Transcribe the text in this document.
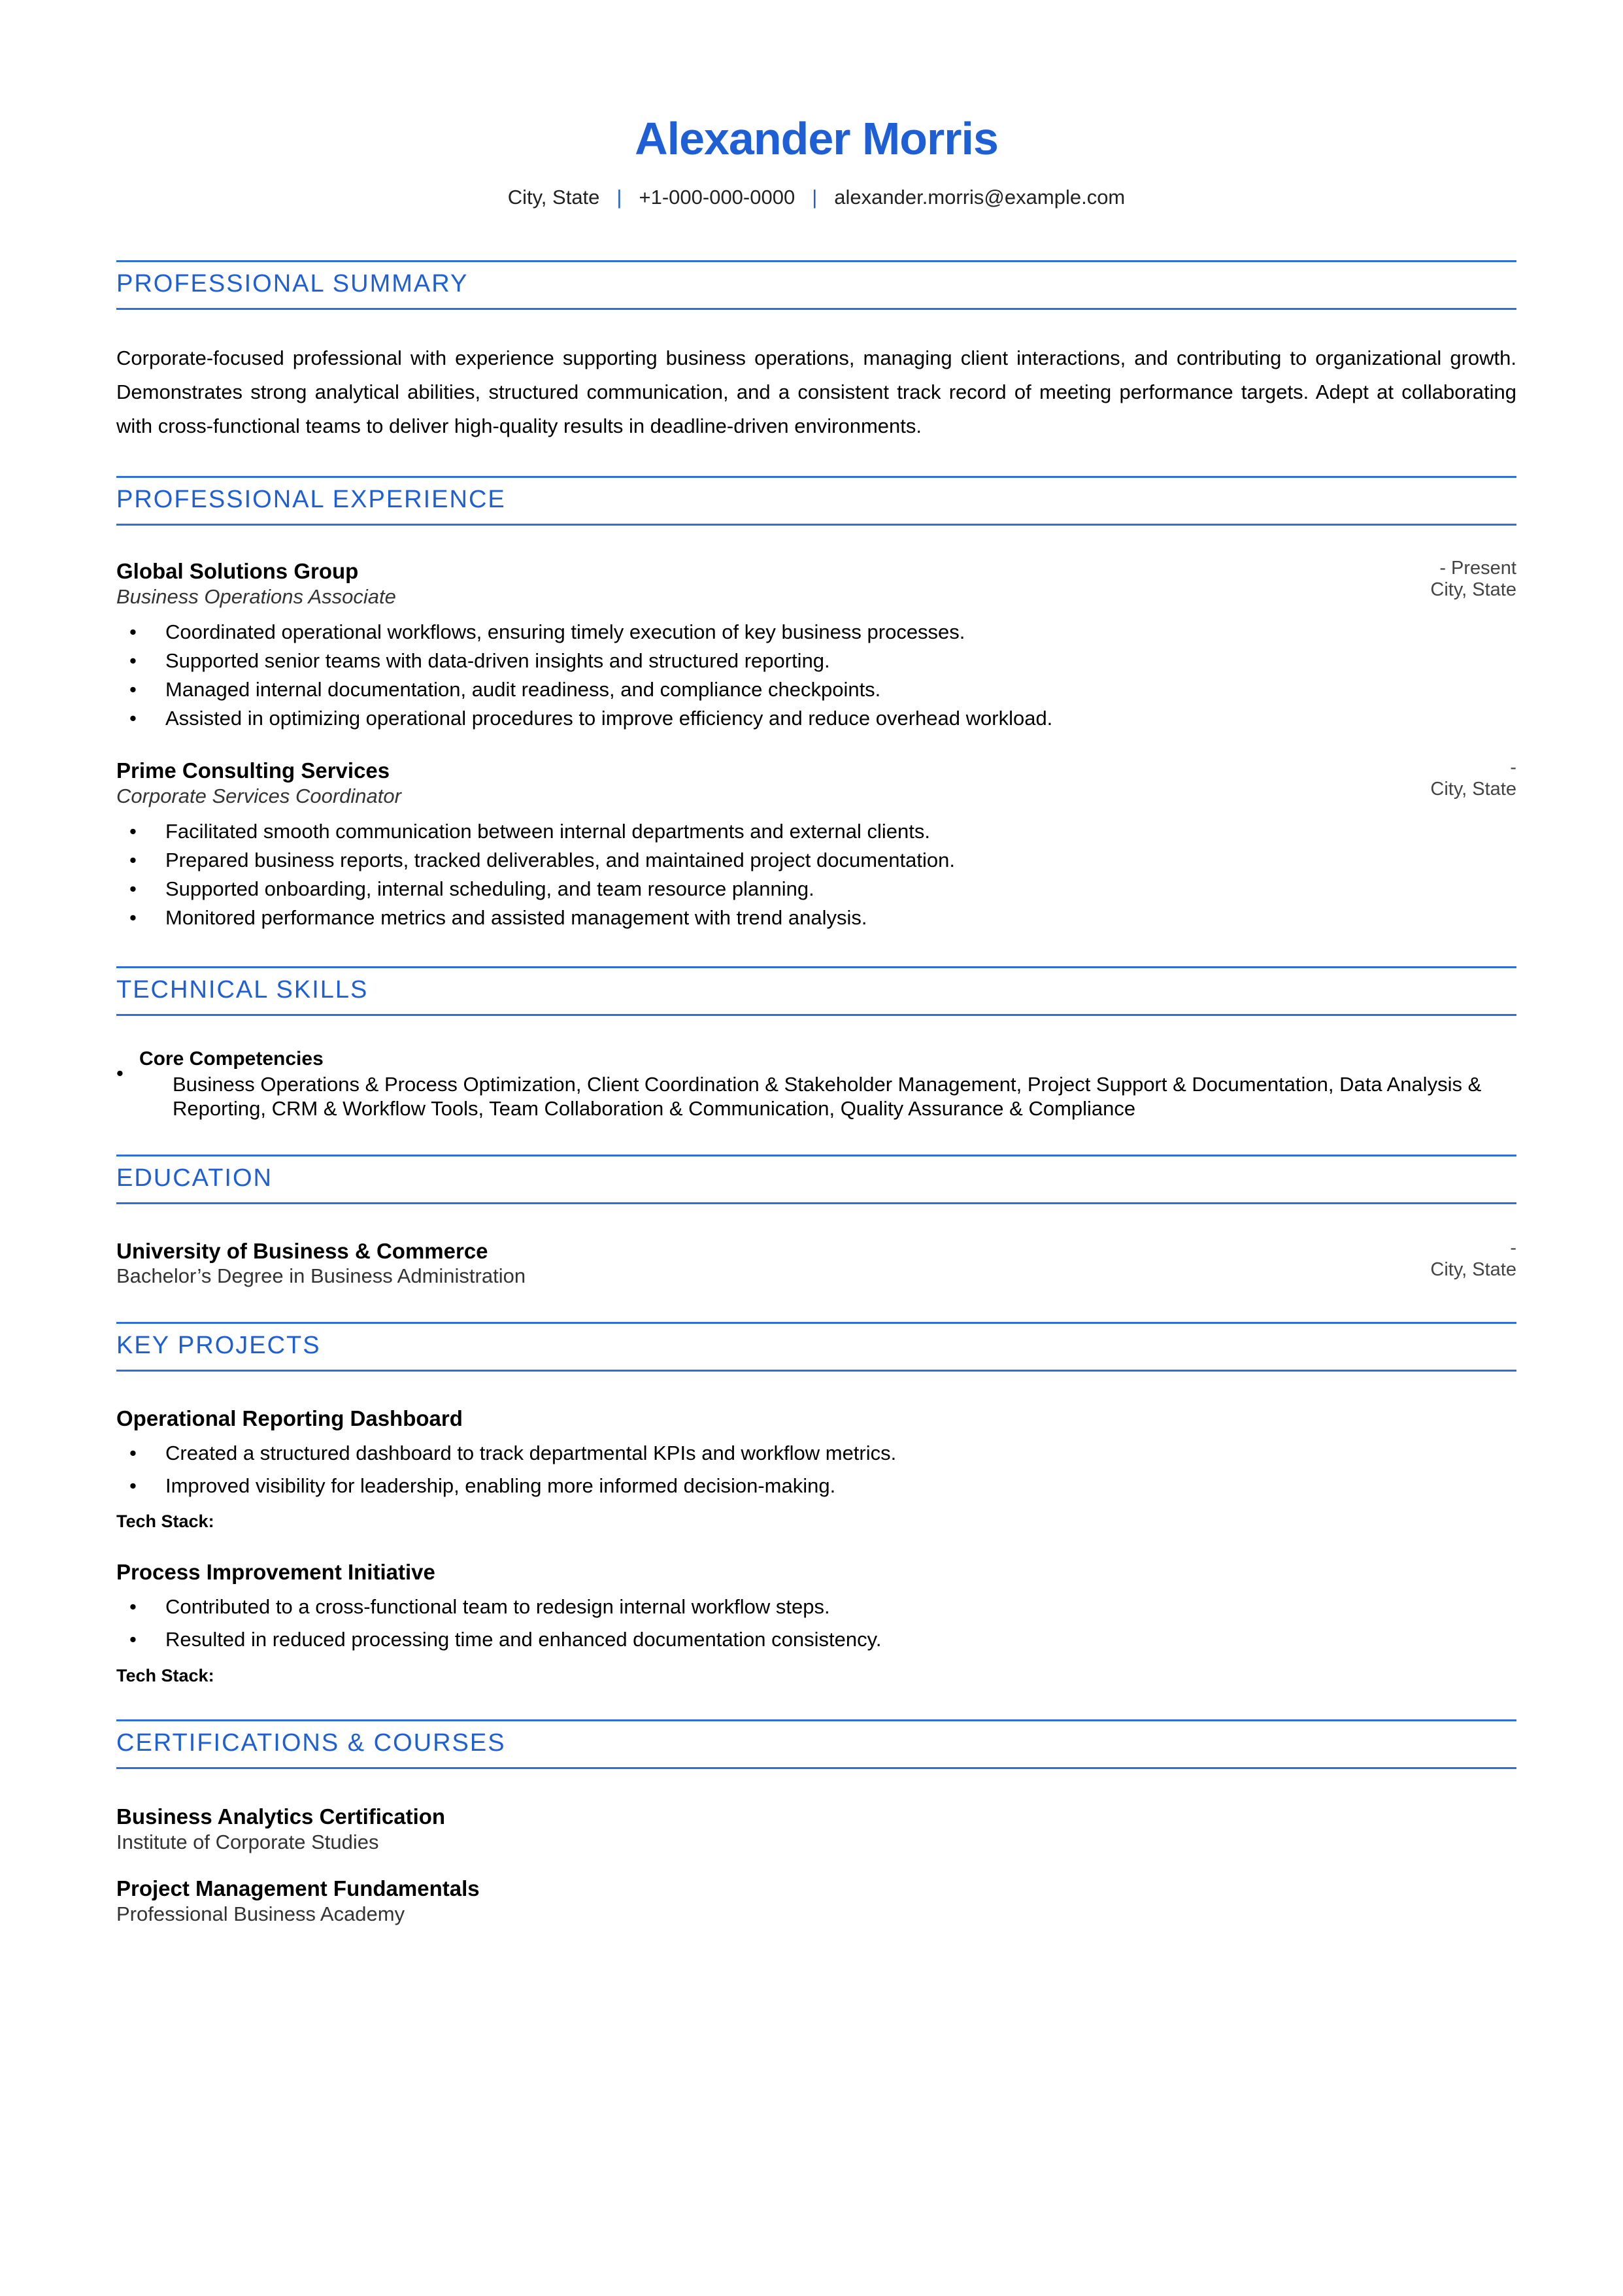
Alexander Morris
City, State | +1-000-000-0000 | alexander.morris@example.com
PROFESSIONAL SUMMARY
Corporate-focused professional with experience supporting business operations, managing client interactions, and contributing to organizational growth. Demonstrates strong analytical abilities, structured communication, and a consistent track record of meeting performance targets. Adept at collaborating with cross-functional teams to deliver high-quality results in deadline-driven environments.
PROFESSIONAL EXPERIENCE
Global Solutions Group
Business Operations Associate
- Present
City, State
• Coordinated operational workflows, ensuring timely execution of key business processes.
• Supported senior teams with data-driven insights and structured reporting.
• Managed internal documentation, audit readiness, and compliance checkpoints.
• Assisted in optimizing operational procedures to improve efficiency and reduce overhead workload.
Prime Consulting Services
Corporate Services Coordinator
-
City, State
• Facilitated smooth communication between internal departments and external clients.
• Prepared business reports, tracked deliverables, and maintained project documentation.
• Supported onboarding, internal scheduling, and team resource planning.
• Monitored performance metrics and assisted management with trend analysis.
TECHNICAL SKILLS
•
Core Competencies
Business Operations & Process Optimization, Client Coordination & Stakeholder Management, Project Support & Documentation, Data Analysis & Reporting, CRM & Workflow Tools, Team Collaboration & Communication, Quality Assurance & Compliance
EDUCATION
University of Business & Commerce
Bachelor’s Degree in Business Administration
-
City, State
KEY PROJECTS
Operational Reporting Dashboard
• Created a structured dashboard to track departmental KPIs and workflow metrics.
• Improved visibility for leadership, enabling more informed decision-making.
Tech Stack:
Process Improvement Initiative
• Contributed to a cross-functional team to redesign internal workflow steps.
• Resulted in reduced processing time and enhanced documentation consistency.
Tech Stack:
CERTIFICATIONS & COURSES
Business Analytics Certification
Institute of Corporate Studies
Project Management Fundamentals
Professional Business Academy
